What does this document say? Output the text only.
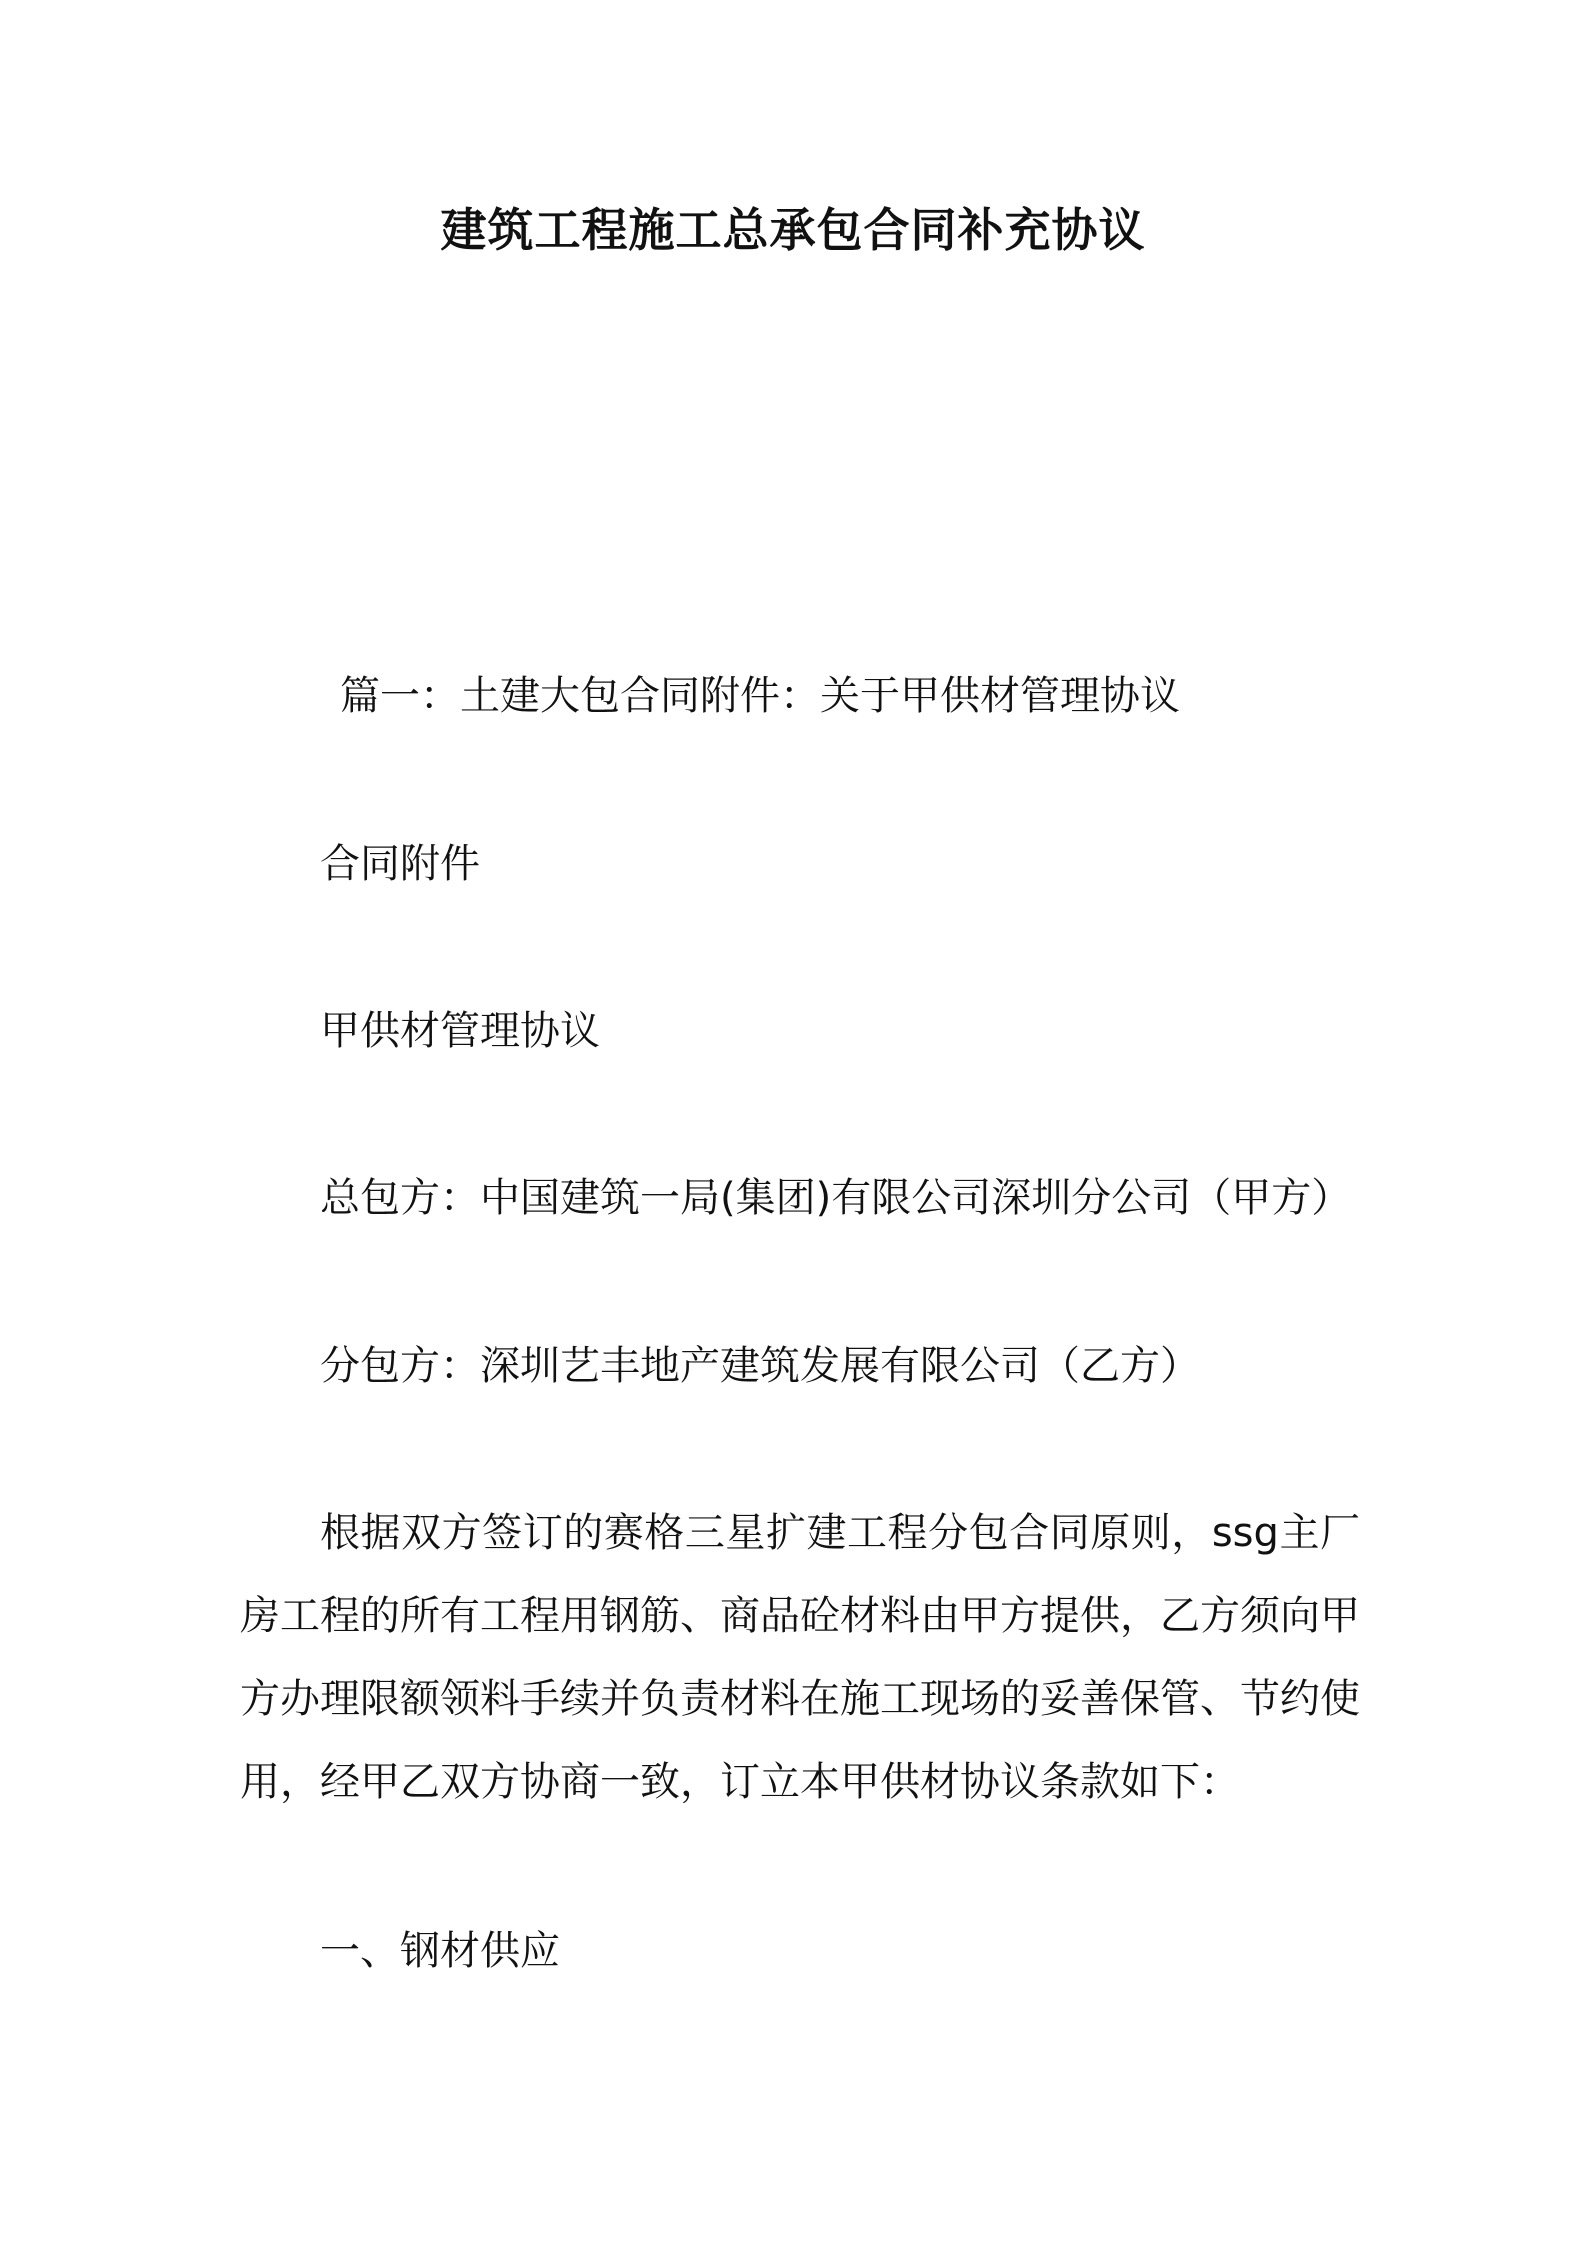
建筑工程施工总承包合同补充协议
篇一：土建大包合同附件：关于甲供材管理协议
合同附件
甲供材管理协议
总包方：中国建筑一局(集团)有限公司深圳分公司（甲方）
分包方：深圳艺丰地产建筑发展有限公司（乙方）
根据双方签订的赛格三星扩建工程分包合同原则，ssg主厂房工程的所有工程用钢筋、商品砼材料由甲方提供，乙方须向甲方办理限额领料手续并负责材料在施工现场的妥善保管、节约使用，经甲乙双方协商一致，订立本甲供材协议条款如下：
一、钢材供应
